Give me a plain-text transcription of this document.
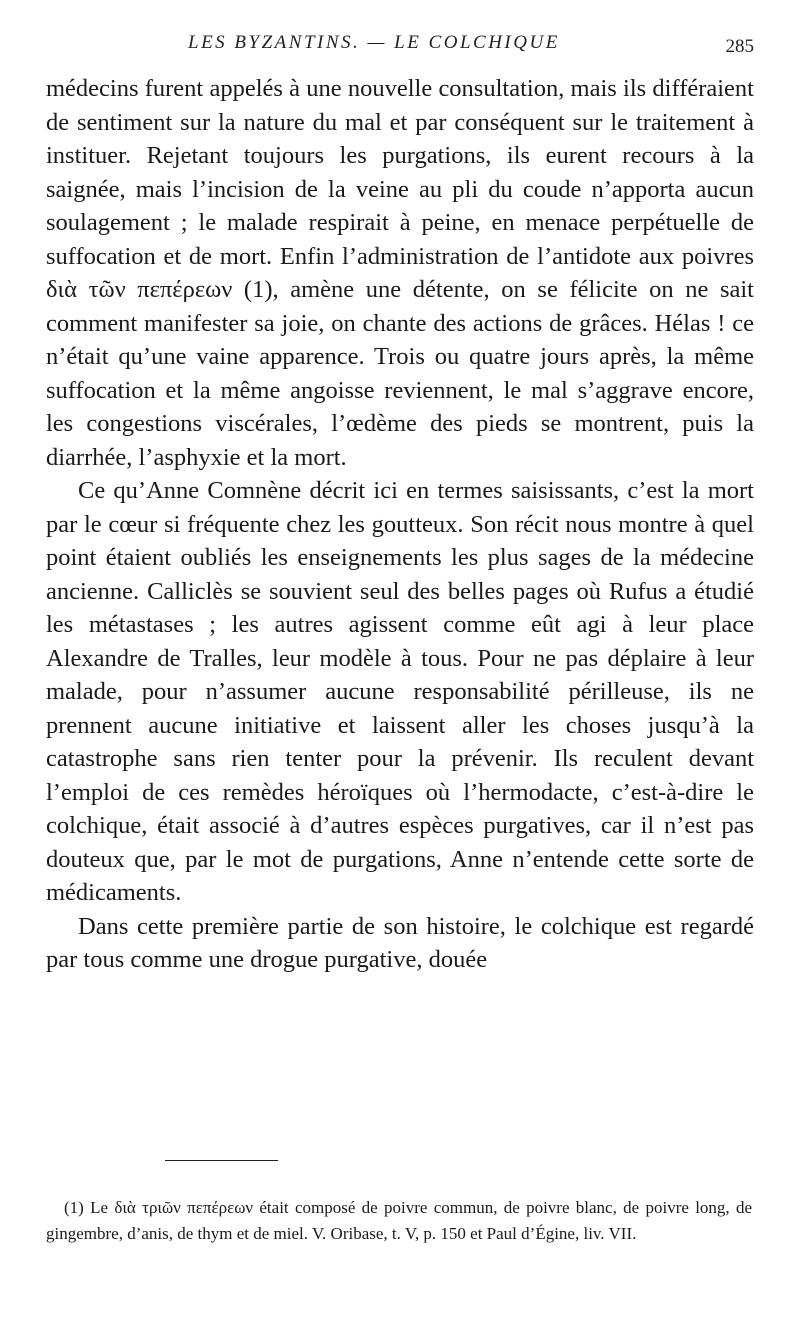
LES BYZANTINS. — LE COLCHIQUE	285

médecins furent appelés à une nouvelle consultation, mais ils différaient de sentiment sur la nature du mal et par conséquent sur le traitement à instituer. Rejetant toujours les purgations, ils eurent recours à la saignée, mais l’incision de la veine au pli du coude n’apporta aucun soulagement ; le malade respirait à peine, en menace perpétuelle de suffocation et de mort. Enfin l’administration de l’antidote aux poivres διὰ τῶν πεπέρεων (1), amène une détente, on se félicite on ne sait comment manifester sa joie, on chante des actions de grâces. Hélas ! ce n’était qu’une vaine apparence. Trois ou quatre jours après, la même suffocation et la même angoisse reviennent, le mal s’aggrave encore, les congestions viscérales, l’œdème des pieds se montrent, puis la diarrhée, l’asphyxie et la mort.

Ce qu’Anne Comnène décrit ici en termes saisissants, c’est la mort par le cœur si fréquente chez les goutteux. Son récit nous montre à quel point étaient oubliés les enseignements les plus sages de la médecine ancienne. Calliclès se souvient seul des belles pages où Rufus a étudié les métastases ; les autres agissent comme eût agi à leur place Alexandre de Tralles, leur modèle à tous. Pour ne pas déplaire à leur malade, pour n’assumer aucune responsabilité périlleuse, ils ne prennent aucune initiative et laissent aller les choses jusqu’à la catastrophe sans rien tenter pour la prévenir. Ils reculent devant l’emploi de ces remèdes héroïques où l’hermodacte, c’est-à-dire le colchique, était associé à d’autres espèces purgatives, car il n’est pas douteux que, par le mot de purgations, Anne n’entende cette sorte de médicaments.

Dans cette première partie de son histoire, le colchique est regardé par tous comme une drogue purgative, douée

(1) Le διὰ τριῶν πεπέρεων était composé de poivre commun, de poivre blanc, de poivre long, de gingembre, d’anis, de thym et de miel. V. Oribase, t. V, p. 150 et Paul d’Égine, liv. VII.
